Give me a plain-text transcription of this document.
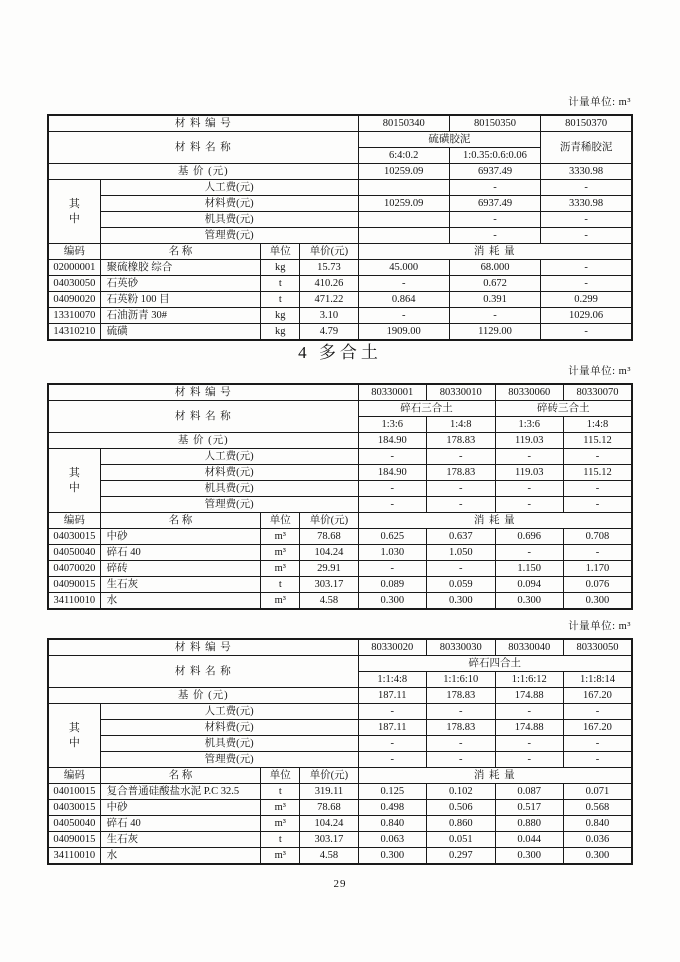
计量单位: m³
材 料 编 号				80150340	80150350	80150370
材 料 名 称				硫磺胶泥		沥青稀胶泥
				6:4:0.2	1:0.35:0.6:0.06	
基 价 (元)				10259.09	6937.49	3330.98

其
中	人工费(元)				-	-
	材料费(元)			10259.09	6937.49	3330.98
	机具费(元)				-	-
	管理费(元)				-	-
编码	名 称	单位	单价(元)	消 耗 量		
02000001	聚硫橡胶 综合	kg	15.73	45.000	68.000	-
04030050	石英砂	t	410.26	-	0.672	-
04090020	石英粉 100 目	t	471.22	0.864	0.391	0.299
13310070	石油沥青 30#	kg	3.10	-	-	1029.06
14310210	硫磺	kg	4.79	1909.00	1129.00	-
4 多合土
计量单位: m³
材 料 编 号				80330001	80330010	80330060	80330070
材 料 名 称				碎石三合土		碎砖三合土	
				1:3:6	1:4:8	1:3:6	1:4:8
基 价 (元)				184.90	178.83	119.03	115.12

其
中	人工费(元)			-	-	-	-
	材料费(元)			184.90	178.83	119.03	115.12
	机具费(元)			-	-	-	-
	管理费(元)			-	-	-	-
编码	名 称	单位	单价(元)	消 耗 量			
04030015	中砂	m³	78.68	0.625	0.637	0.696	0.708
04050040	碎石 40	m³	104.24	1.030	1.050	-	-
04070020	碎砖	m³	29.91	-	-	1.150	1.170
04090015	生石灰	t	303.17	0.089	0.059	0.094	0.076
34110010	水	m³	4.58	0.300	0.300	0.300	0.300
计量单位: m³
材 料 编 号				80330020	80330030	80330040	80330050
材 料 名 称				碎石四合土			
				1:1:4:8	1:1:6:10	1:1:6:12	1:1:8:14
基 价 (元)				187.11	178.83	174.88	167.20

其
中	人工费(元)			-	-	-	-
	材料费(元)			187.11	178.83	174.88	167.20
	机具费(元)			-	-	-	-
	管理费(元)			-	-	-	-
编码	名 称	单位	单价(元)	消 耗 量			
04010015	复合普通硅酸盐水泥 P.C 32.5	t	319.11	0.125	0.102	0.087	0.071
04030015	中砂	m³	78.68	0.498	0.506	0.517	0.568
04050040	碎石 40	m³	104.24	0.840	0.860	0.880	0.840
04090015	生石灰	t	303.17	0.063	0.051	0.044	0.036
34110010	水	m³	4.58	0.300	0.297	0.300	0.300
29
